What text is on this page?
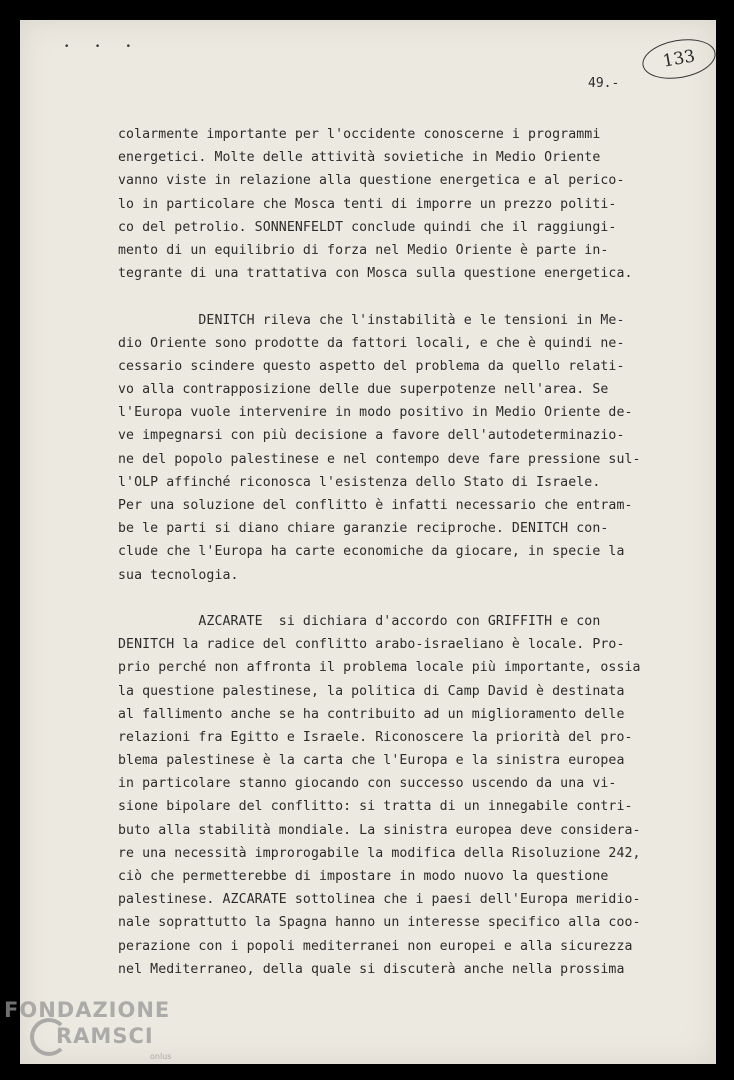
• • •	133
49.-
colarmente importante per l'occidente conoscerne i programmi
energetici. Molte delle attività sovietiche in Medio Oriente
vanno viste in relazione alla questione energetica e al perico-
lo in particolare che Mosca tenti di imporre un prezzo politi-
co del petrolio. SONNENFELDT conclude quindi che il raggiungi-
mento di un equilibrio di forza nel Medio Oriente è parte in-
tegrante di una trattativa con Mosca sulla questione energetica.
DENITCH rileva che l'instabilità e le tensioni in Me-
dio Oriente sono prodotte da fattori locali, e che è quindi ne-
cessario scindere questo aspetto del problema da quello relati-
vo alla contrapposizione delle due superpotenze nell'area. Se
l'Europa vuole intervenire in modo positivo in Medio Oriente de-
ve impegnarsi con più decisione a favore dell'autodeterminazio-
ne del popolo palestinese e nel contempo deve fare pressione sul-
l'OLP affinché riconosca l'esistenza dello Stato di Israele.
Per una soluzione del conflitto è infatti necessario che entram-
be le parti si diano chiare garanzie reciproche. DENITCH con-
clude che l'Europa ha carte economiche da giocare, in specie la
sua tecnologia.
AZCARATE  si dichiara d'accordo con GRIFFITH e con
DENITCH la radice del conflitto arabo-israeliano è locale. Pro-
prio perché non affronta il problema locale più importante, ossia
la questione palestinese, la politica di Camp David è destinata
al fallimento anche se ha contribuito ad un miglioramento delle
relazioni fra Egitto e Israele. Riconoscere la priorità del pro-
blema palestinese è la carta che l'Europa e la sinistra europea
in particolare stanno giocando con successo uscendo da una vi-
sione bipolare del conflitto: si tratta di un innegabile contri-
buto alla stabilità mondiale. La sinistra europea deve considera-
re una necessità improrogabile la modifica della Risoluzione 242,
ciò che permetterebbe di impostare in modo nuovo la questione
palestinese. AZCARATE sottolinea che i paesi dell'Europa meridio-
nale soprattutto la Spagna hanno un interesse specifico alla coo-
perazione con i popoli mediterranei non europei e alla sicurezza
nel Mediterraneo, della quale si discuterà anche nella prossima
FONDAZIONE
RAMSCI
onlus
